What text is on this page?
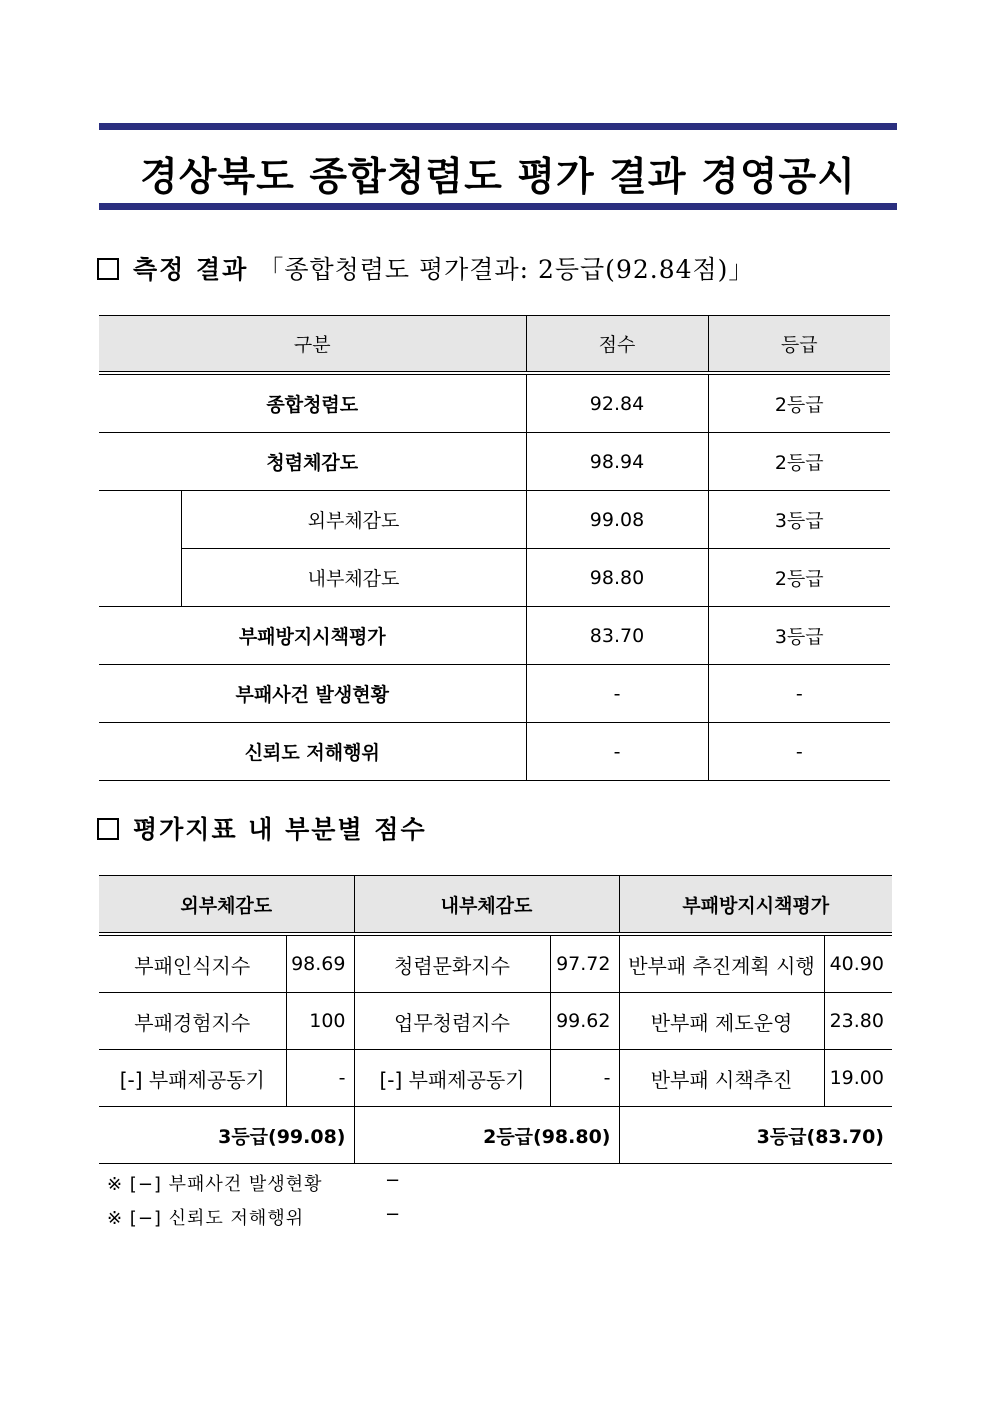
경상북도 종합청렴도 평가 결과 경영공시
측정 결과 「종합청렴도 평가결과: 2등급(92.84점)」
구분		점수	등급
종합청렴도		92.84	2등급
청렴체감도		98.94	2등급
	외부체감도	99.08	3등급
	내부체감도	98.80	2등급
부패방지시책평가		83.70	3등급
부패사건 발생현황		-	-
신뢰도 저해행위		-	-
평가지표 내 부분별 점수
외부체감도		내부체감도		부패방지시책평가	
부패인식지수	98.69	청렴문화지수	97.72	반부패 추진계획 시행	40.90
부패경험지수	100	업무청렴지수	99.62	반부패 제도운영	23.80
[-] 부패제공동기	-	[-] 부패제공동기	-	반부패 시책추진	19.00
3등급(99.08)		2등급(98.80)		3등급(83.70)	
※ [−] 부패사건 발생현황	−
※ [−] 신뢰도 저해행위	−
